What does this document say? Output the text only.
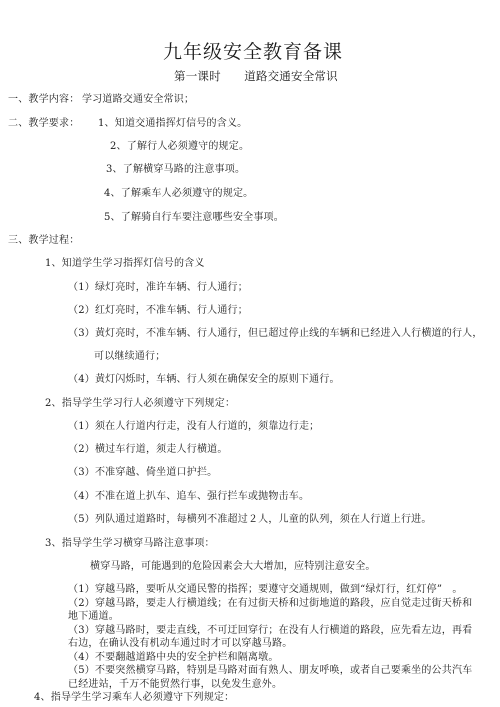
九年级安全教育备课
第一课时　　道路交通安全常识
一、教学内容： 学习道路交通安全常识；
二、教学要求： 1、知道交通指挥灯信号的含义。
2、了解行人必须遵守的规定。
3、了解横穿马路的注意事项。
4、了解乘车人必须遵守的规定。
5、了解骑自行车要注意哪些安全事项。
三、教学过程：
1、知道学生学习指挥灯信号的含义
（1）绿灯亮时，准许车辆、行人通行；
（2）红灯亮时，不准车辆、行人通行；
（3）黄灯亮时，不准车辆、行人通行，但已超过停止线的车辆和已经进入人行横道的行人，
可以继续通行；
（4）黄灯闪烁时，车辆、行人须在确保安全的原则下通行。
2、指导学生学习行人必须遵守下列规定：
（1）须在人行道内行走，没有人行道的，须靠边行走；
（2）横过车行道，须走人行横道。
（3）不准穿越、倚坐道口护拦。
（4）不准在道上扒车、追车、强行拦车或抛物击车。
（5）列队通过道路时，每横列不准超过２人，儿童的队列，须在人行道上行进。
3、指导学生学习横穿马路注意事项：
横穿马路，可能遇到的危险因素会大大增加，应特别注意安全。
（1）穿越马路，要听从交通民警的指挥；要遵守交通规则，做到“绿灯行，红灯停”　。
（2）穿越马路，要走人行横道线；在有过街天桥和过街地道的路段，应自觉走过街天桥和
地下通道。
（3）穿越马路时，要走直线，不可迂回穿行；在没有人行横道的路段，应先看左边，再看
右边，在确认没有机动车通过时才可以穿越马路。
（4）不要翻越道路中央的安全护栏和隔离墩。
（5）不要突然横穿马路，特别是马路对面有熟人、朋友呼唤，或者自己要乘坐的公共汽车
已经进站，千万不能贸然行事，以免发生意外。
4、指导学生学习乘车人必须遵守下列规定：
